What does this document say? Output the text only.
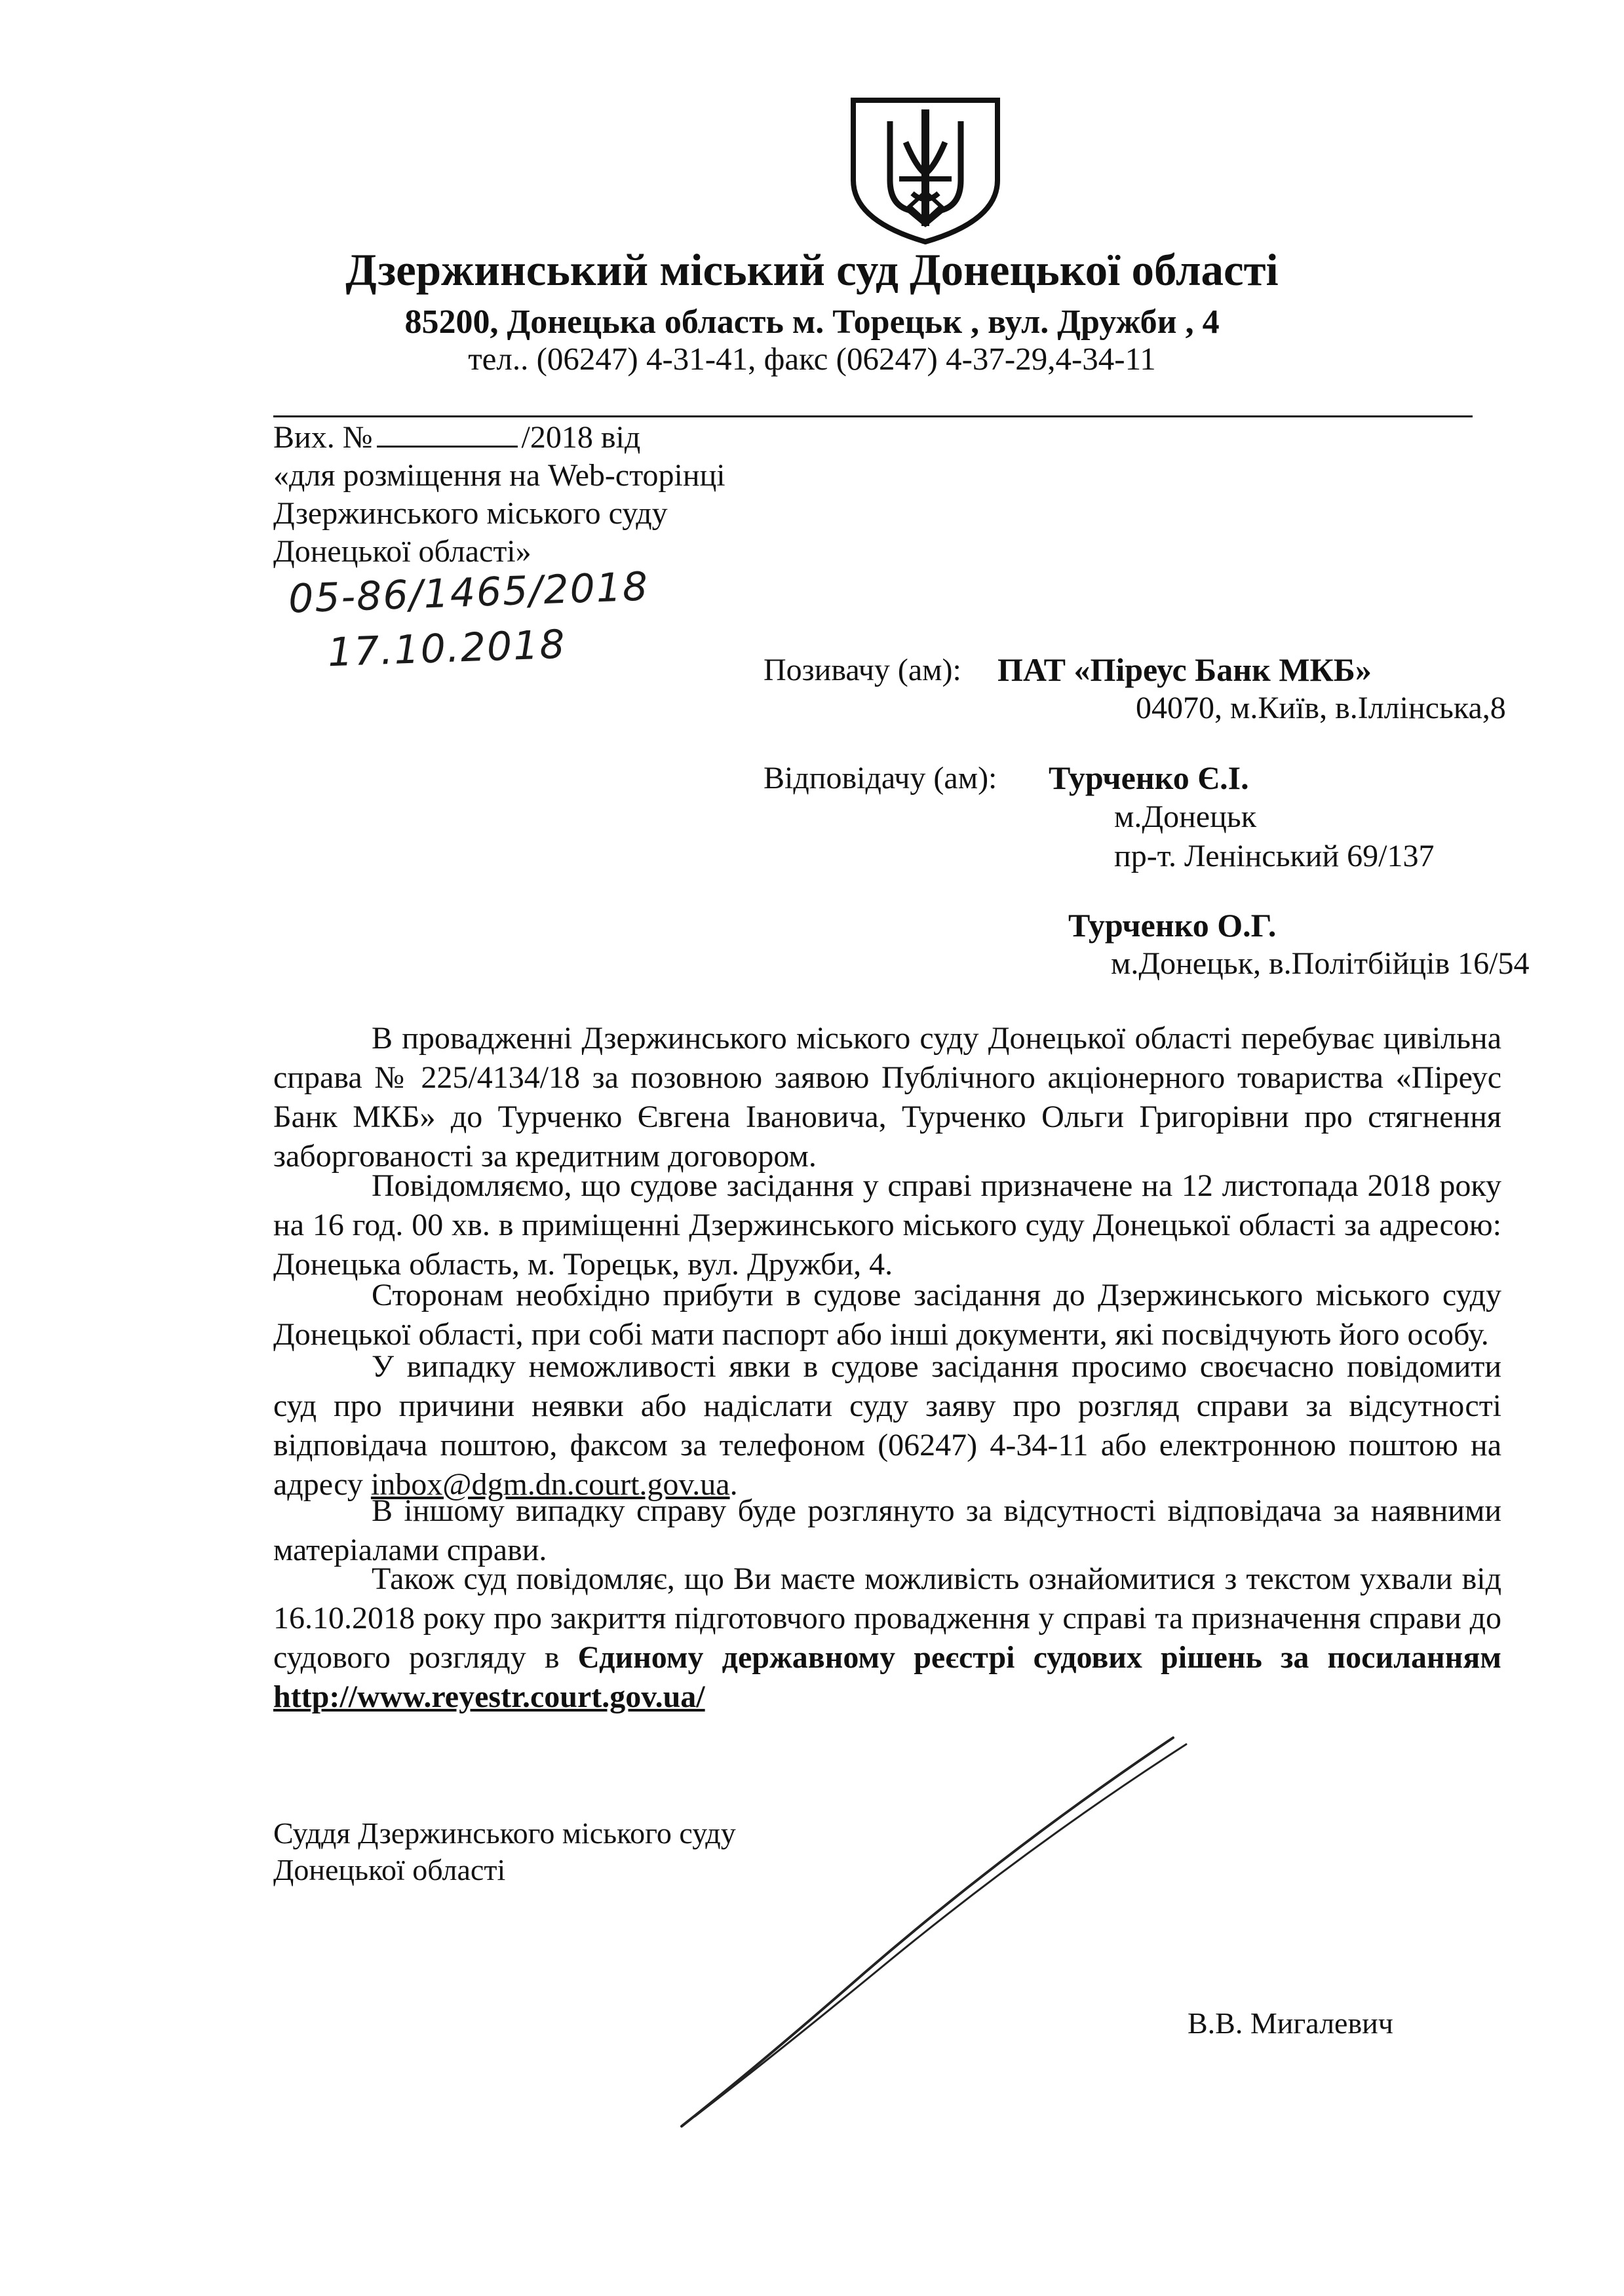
Дзержинський міський суд Донецької області
85200, Донецька область м. Торецьк , вул. Дружби , 4
тел.. (06247) 4-31-41, факс (06247) 4-37-29,4-34-11
Вих. №	/2018 від
«для розміщення на Web-сторінці
Дзержинського міського суду
Донецької області»
05-86/1465/2018
17.10.2018	Позивачу (ам): ПАТ «Піреус Банк МКБ»
04070, м.Київ, в.Іллінська,8
Відповідачу (ам): Турченко Є.І.
м.Донецьк
пр-т. Ленінський 69/137
Турченко О.Г.
м.Донецьк, в.Політбійців 16/54
В провадженні Дзержинського міського суду Донецької області перебуває цивільна справа № 225/4134/18 за позовною заявою Публічного акціонерного товариства «Піреус Банк МКБ» до Турченко Євгена Івановича, Турченко Ольги Григорівни про стягнення заборгованості за кредитним договором.
Повідомляємо, що судове засідання у справі призначене на 12 листопада 2018 року на 16 год. 00 хв. в приміщенні Дзержинського міського суду Донецької області за адресою: Донецька область, м. Торецьк, вул. Дружби, 4.
Сторонам необхідно прибути в судове засідання до Дзержинського міського суду Донецької області, при собі мати паспорт або інші документи, які посвідчують його особу.
У випадку неможливості явки в судове засідання просимо своєчасно повідомити суд про причини неявки або надіслати суду заяву про розгляд справи за відсутності відповідача поштою, факсом за телефоном (06247) 4-34-11 або електронною поштою на адресу inbox@dgm.dn.court.gov.ua.
В іншому випадку справу буде розглянуто за відсутності відповідача за наявними матеріалами справи.
Також суд повідомляє, що Ви маєте можливість ознайомитися з текстом ухвали від 16.10.2018 року про закриття підготовчого провадження у справі та призначення справи до судового розгляду в Єдиному державному реєстрі судових рішень за посиланням http://www.reyestr.court.gov.ua/
Суддя Дзержинського міського суду
Донецької області
В.В. Мигалевич
